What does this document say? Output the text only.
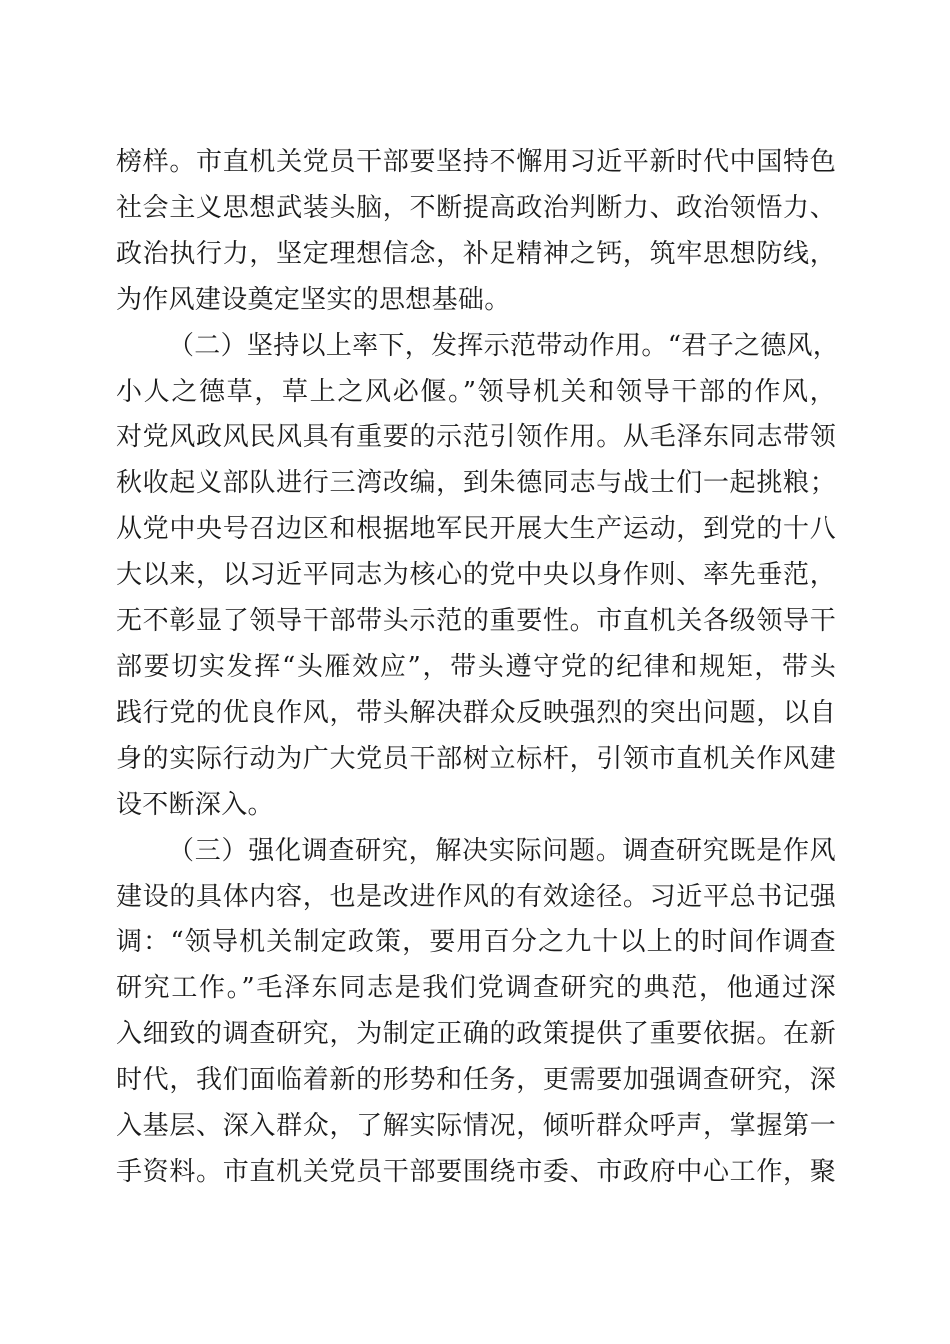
榜样。市直机关党员干部要坚持不懈用习近平新时代中国特色
社会主义思想武装头脑，不断提高政治判断力、政治领悟力、
政治执行力，坚定理想信念，补足精神之钙，筑牢思想防线，
为作风建设奠定坚实的思想基础。

（二）坚持以上率下，发挥示范带动作用。“君子之德风，
小人之德草，草上之风必偃。”领导机关和领导干部的作风，
对党风政风民风具有重要的示范引领作用。从毛泽东同志带领
秋收起义部队进行三湾改编，到朱德同志与战士们一起挑粮；
从党中央号召边区和根据地军民开展大生产运动，到党的十八
大以来，以习近平同志为核心的党中央以身作则、率先垂范，
无不彰显了领导干部带头示范的重要性。市直机关各级领导干
部要切实发挥“头雁效应”，带头遵守党的纪律和规矩，带头
践行党的优良作风，带头解决群众反映强烈的突出问题，以自
身的实际行动为广大党员干部树立标杆，引领市直机关作风建
设不断深入。

（三）强化调查研究，解决实际问题。调查研究既是作风
建设的具体内容，也是改进作风的有效途径。习近平总书记强
调：“领导机关制定政策，要用百分之九十以上的时间作调查
研究工作。”毛泽东同志是我们党调查研究的典范，他通过深
入细致的调查研究，为制定正确的政策提供了重要依据。在新
时代，我们面临着新的形势和任务，更需要加强调查研究，深
入基层、深入群众，了解实际情况，倾听群众呼声，掌握第一
手资料。市直机关党员干部要围绕市委、市政府中心工作，聚
